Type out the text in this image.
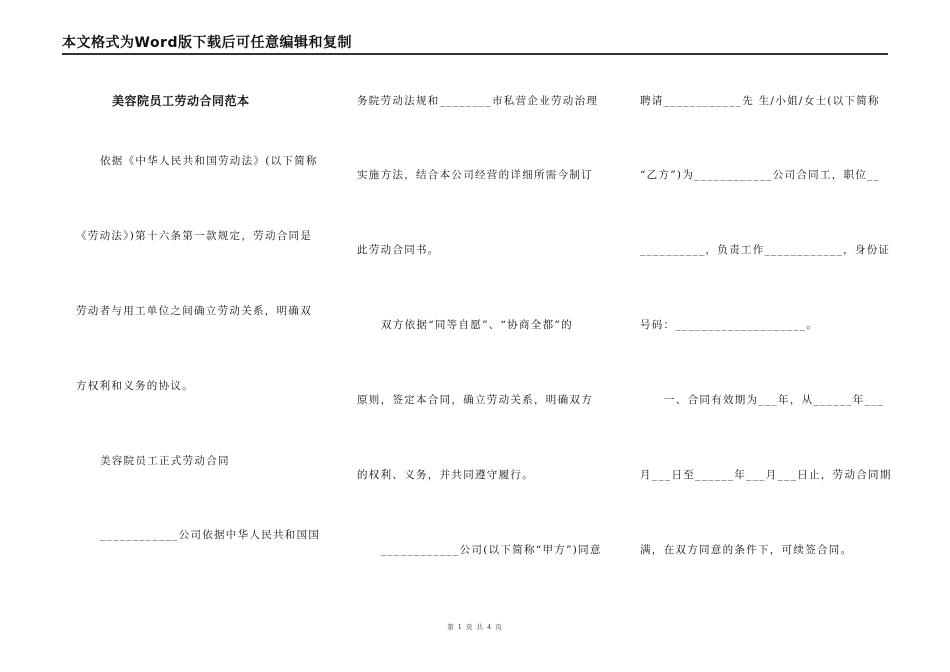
本文格式为Word版下载后可任意编辑和复制
美容院员工劳动合同范本
依据《中华人民共和国劳动法》(以下简称
《劳动法》)第十六条第一款规定，劳动合同是
劳动者与用工单位之间确立劳动关系，明确双
方权利和义务的协议。
美容院员工正式劳动合同
____________公司依据中华人民共和国国
务院劳动法规和________市私营企业劳动治理
实施方法，结合本公司经营的详细所需今制订
此劳动合同书。
双方依据“同等自愿”、“协商全都”的
原则，签定本合同，确立劳动关系，明确双方
的权利、义务，并共同遵守履行。
____________公司(以下简称“甲方”)同意
聘请____________先 生/小姐/女士(以下简称
“乙方”)为____________公司合同工，职位__
__________，负责工作____________，身份证
号码：____________________。
一、合同有效期为___年，从______年___
月___日至______年___月___日止，劳动合同期
满，在双方同意的条件下，可续签合同。
第 1 页 共 4 页
